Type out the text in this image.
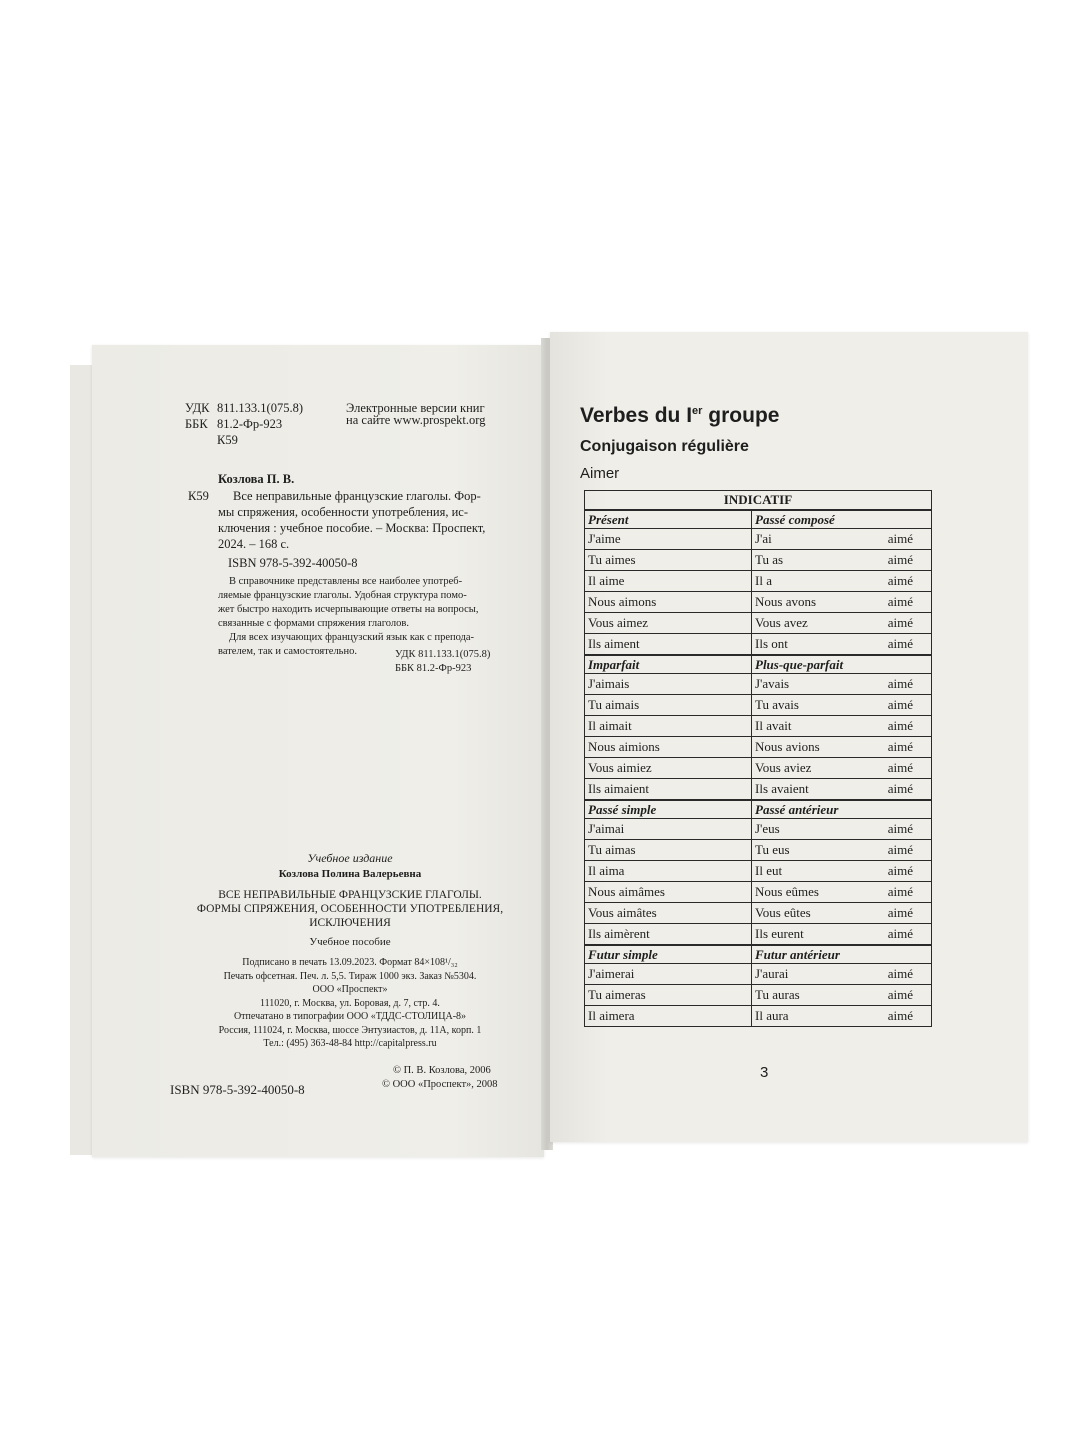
УДК 811.133.1(075.8)
ББК 81.2-Фр-923
К59
Электронные версии книг
на сайте www.prospekt.org
Козлова П. В.
К59 Все неправильные французские глаголы. Фор-
мы спряжения, особенности употребления, ис-
ключения : учебное пособие. – Москва: Проспект,
2024. – 168 с.
ISBN 978-5-392-40050-8
В справочнике представлены все наиболее употреб-
ляемые французские глаголы. Удобная структура помо-
жет быстро находить исчерпывающие ответы на вопросы,
связанные с формами спряжения глаголов.
Для всех изучающих французский язык как с препода-
вателем, так и самостоятельно.	УДК 811.133.1(075.8)
ББК 81.2-Фр-923
Учебное издание
Козлова Полина Валерьевна
ВСЕ НЕПРАВИЛЬНЫЕ ФРАНЦУЗСКИЕ ГЛАГОЛЫ.
ФОРМЫ СПРЯЖЕНИЯ, ОСОБЕННОСТИ УПОТРЕБЛЕНИЯ,
ИСКЛЮЧЕНИЯ
Учебное пособие
Подписано в печать 13.09.2023. Формат 84×108¹/₃₂
Печать офсетная. Печ. л. 5,5. Тираж 1000 экз. Заказ №5304.
ООО «Проспект»
111020, г. Москва, ул. Боровая, д. 7, стр. 4.
Отпечатано в типографии ООО «ТДДС-СТОЛИЦА-8»
Россия, 111024, г. Москва, шоссе Энтузиастов, д. 11А, корп. 1
Тел.: (495) 363-48-84 http://capitalpress.ru
ISBN 978-5-392-40050-8
© П. В. Козлова, 2006
© ООО «Проспект», 2008
Verbes du Ier groupe
Conjugaison régulière
Aimer
INDICATIF	
Présent	Passé composé
J'aime	J'ai aimé

Tu aimes	Tu as aimé

Il aime	Il a aimé

Nous aimons	Nous avons aimé

Vous aimez	Vous avez aimé

Ils aiment	Ils ont aimé

Imparfait	Plus-que-parfait
J'aimais	J'avais aimé

Tu aimais	Tu avais aimé

Il aimait	Il avait aimé

Nous aimions	Nous avions aimé

Vous aimiez	Vous aviez aimé

Ils aimaient	Ils avaient aimé

Passé simple	Passé antérieur
J'aimai	J'eus aimé

Tu aimas	Tu eus aimé

Il aima	Il eut aimé

Nous aimâmes	Nous eûmes aimé

Vous aimâtes	Vous eûtes aimé

Ils aimèrent	Ils eurent aimé

Futur simple	Futur antérieur
J'aimerai	J'aurai aimé

Tu aimeras	Tu auras aimé

Il aimera	Il aura aimé
3
